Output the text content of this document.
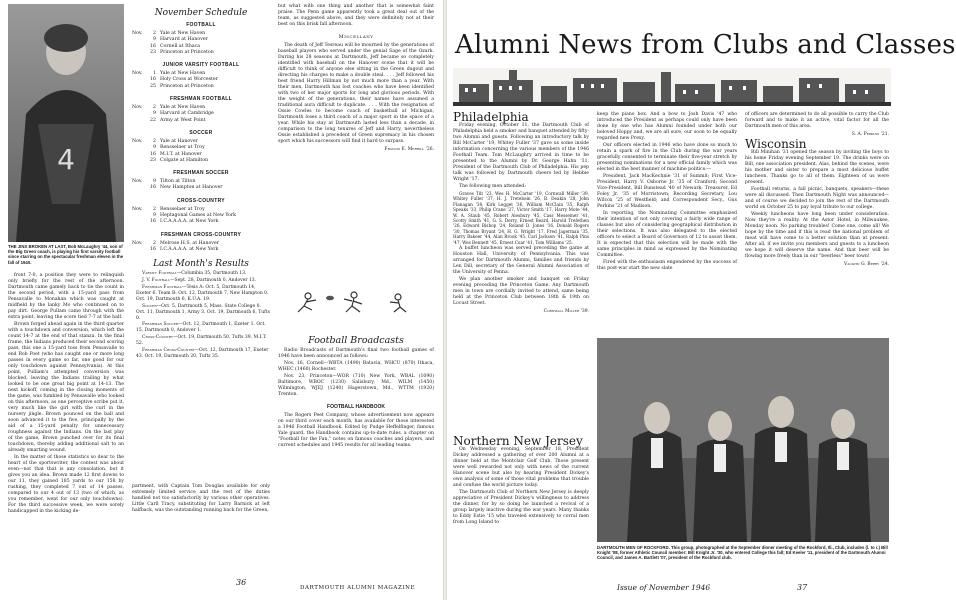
4
THE JINX BROKEN AT LAST, Bob McLaughry '44, son of the Big Green coach, is playing his first varsity football since starring on the spectacular freshman eleven in the fall of 1940.

front 7-0, a position they were to relinquish only briefly for the rest of the afternoon. Dartmouth came gamely back to tie the count in the second period, with a 15-yard pass from Pensavalle to Monahan which was caught at midfield by the lanky Mo who continued on to pay dirt. George Pullam came through with the extra point, leaving the score tied 7-7 at the half.

Brown forged ahead again in the third quarter with a touchdown and conversion, which left the count 14-7 at the end of that stanza. In the final frame, the Indians produced their second scoring pass, this one a 15-yard toss from Pensavalle to end Bob Poet (who has caught one or more long passes in every game so far, one good for our only touchdown against Pennsylvania). At this point, Pulliam's attempted conversion was blocked, leaving the Indians trailing by what looked to be one great big point at 14-13. The next kickoff, coming in the closing moments of the game, was fumbled by Pensavalle who looked on this afternoon, as one perceptive scribe put it, very much like the girl with the curl in the nursery jingle. Brown pounced on the ball and soon advanced it to the five, principally by the aid of a 15-yard penalty for unnecessary roughness against the Indians. On the last play of the game, Brown punched over for its final touchdown, thereby adding additional salt to an already smarting wound.

In the matter of those statistics so dear to the heart of the sportswriter, the contest was about even—not that that is any consolation, but it gives you an idea. Brown made 12 first downs to our 11, they gained 185 yards to our 158 by rushing, they completed 7 out of 14 passes, compared to our 4 out of 13 (two of which, as you remember, went for our only touchdowns). For the third successive week, we were sorely handicapped in the kicking de-

November Schedule
FOOTBALL
Nov.	2 Yale at New Haven
9 Harvard at Hanover
16 Cornell at Ithaca
23 Princeton at Princeton
JUNIOR VARSITY FOOTBALL
Nov.	1 Yale at New Haven
16 Holy Cross at Worcester
25 Princeton at Princeton
FRESHMAN FOOTBALL
Nov.	2 Yale at New Haven
9 Harvard at Cambridge
22 Army at West Point
SOCCER
Nov.	2 Yale at Hanover
9 Rensselaer at Troy
16 M.I.T. at Hanover
23 Colgate at Hamilton
FRESHMAN SOCCER
Nov.	9 Tilton at Tilton
16 New Hampton at Hanover
CROSS-COUNTRY
Nov.	2 Rensselaer at Troy
9 Heptagonal Games at New York
16 I.C.A.A.A.A. at New York
FRESHMAN CROSS-COUNTRY
Nov.	2 Melrose H.S. at Hanover
16 I.C.A.A.A.A. at New York
Last Month's Results

Varsity Football—Columbia 35, Dartmouth 13.

J. V. Football—Sept. 28, Dartmouth 0, Andover 13.

Freshman Football—Tesis A: Oct. 5, Dartmouth 14, Exeter 6. Team B: Oct. 12, Dartmouth 7, New Hampton 0. Oct. 19, Dartmouth 6, K.U.A. 19.

Soccer—Oct. 5, Dartmouth 5, Mass. State College 0. Oct. 11, Dartmouth 1, Army 3. Oct. 19, Dartmouth 6, Tufts 0.

Freshman Soccer—Oct. 12, Dartmouth 1, Exeter 1. Oct. 15, Dartmouth 0, Andover 1.

Cross-Country—Oct. 19, Dartmouth 50, Tufts 39, M.I.T. 52.

Freshman Cross-Country—Oct. 12, Dartmouth 17, Exeter 43. Oct. 19, Dartmouth 20, Tufts 35.

partment, with Captain Tom Douglas available for only extremely limited service and the rest of the duties handled not too satisfactorily by various other operatives. Little Carll Tracy, substituting for Larry Barnick at left halfback, was the outstanding running back for the Green,

but what with one thing and another that is somewhat faint praise. The Penn game apparently took a great deal out of the team, as suggested above, and they were definitely not at their best on this brisk fall afternoon.

Miscellany

The death of Jeff Tesreau will be mourned by the generations of baseball players who served under the genial Sage of the Ozark. During his 28 seasons at Dartmouth, Jeff became so completely identified with baseball on the Hanover scene that it will be difficult to think of anyone else sitting in the Green dugout and directing his charges to make a double steal. . . . Jeff followed his best friend Harry Hillman by not much more than a year. With their men, Dartmouth has lost coaches who have been identified with two of her major sports for long and glorious periods. With the weight of the generations, their names have assumed a traditional aura difficult to duplicate. . . . With the resignation of Ossie Cowles to become coach of basketball at Michigan, Dartmouth loses a third coach of a major sport in the space of a year. While his stay at Dartmouth lasted less than a decade, in comparison to the long tenures of Jeff and Harry, nevertheless Ossie established a precedent of Green supremacy in his chosen sport which his successors will find it hard to surpass.

Francis E. Merrill '26.
Football Broadcasts

Radio Broadcasts of Dartmouth's final two football games of 1946 have been announced as follows:

Nov. 16, Cornell—WBTA (1490) Batavia, WHCU (870) Ithaca, WHEC (1460) Rochester.

Nov. 23, Princeton—WOR (710) New York, WBAL (1090) Baltimore, WBOC (1230) Salisbury, Md., WILM (1450) Wilmington, WJEJ (1240) Hagerstown, Md., WTTM (1920) Trenton.

FOOTBALL HANDBOOK

The Rogers Peet Company, whose advertisement now appears on our third cover each month, has available for those interested a 1946 Football Handbook. Edited by Pudge Heffelfinger, famous Yale guard, the Handbook contains up-to-date rules, a chapter on "Football for the Fan," notes on famous coaches and players, and current schedules and 1945 results for all leading teams.

36
DARTMOUTH ALUMNI MAGAZINE
Alumni News from Clubs and Classes
Philadelphia

Friday evening, October 11, the Dartmouth Club of Philadelphia held a smoker and banquet attended by fifty-two Alumni and guests. Following an introductory talk by Bill McCarter '19, Whitey Fuller '37 gave us some inside information concerning the various members of the 1946 Football Team. Tom McLaughry arrived in time to be presented to the Alumni by Dr. George Hahn '31, President of the Dartmouth Club of Philadelphia. His pep talk was followed by Dartmouth cheers led by Hebbie Wright '17.

The following men attended:

Graves Tilt '23, Wes H. McCarter '19, Cornwall Miller '39, Whitey Fuller '37, H. J. Tretebein '26, B. Deakin '28, John Flanagan '38, Kirk Legget '36, William McClain '35, Ralph Speaks '33, Philip Crane '27, Victor Smith '17, Harry Mote '44, W. A. Staub '45, Robert Alesbury '45, Cass Messemer '41, Scotty Smith '41, G. S. Derry, Ernest Beard, Harold Trefethen '26, Edward Bishop '24, Roland D. Jones '16, Donald Rogers '30, Thomas Bryant '24, H. G. Wright '17, Fred Jagerman '35, Harry Bakeer '44, Alan Brook '45, Carl Jackson '41, Ralph Pins '47, Wes Bennett '45, Ernest Coar '41, Tom Williams '25.

A buffet luncheon was served preceding the game at Houston Hall, University of Pennsylvania. This was arranged for Dartmouth Alumni, families and friends by Len Dill, secretary of the General Alumni Association of the University of Penna.

We plan another smoker and banquet on Friday evening preceding the Princeton Game. Any Dartmouth men in town are cordially invited to attend, same being held at the Princeton Club between 18th & 19th on Locust Street.

Cornwall Miller '39.
Northern New Jersey

On Wednesday evening, September 18, President Dickey addressed a gathering of over 200 Alumni at a dinner held at the Montclair Golf Club. Those present were well rewarded not only with news of the current Hanover scene but also by hearing President Dickey's own analysis of some of those vital problems that trouble and confuse the world picture today.

The Dartmouth Club of Northern New Jersey is deeply appreciative of President Dickey's willingness to address the dinner, for by so doing he launched a revival of a group largely inactive during the war years. Many thanks to Eddy Estie '15 who traveled extensively to corral men from Long Island to

keep the piano box. And a bow to Josh Davis '47 who introduced the President as perhaps could only have been done by one who has Alumni founded under both our beloved Hoppy and, we are all sure, our soon to be equally regarded new Prexy.

Our officers elected in 1946 who have done so much to retain a spark of fire in the Club during the war years gracefully consented to terminate their five-year stretch by presenting nominations for a new official family which was elected in the best manner of machine politics:—

President, Jack MacKechnie '31 of Summit; First Vice-President, Harry V. Osborne Jr. '35 of Cranford; Second Vice-President, Bill Bunstead '40 of Newark; Treasurer, Ed Foley Jr. '35 of Morristown; Recording Secretary, Lou Wilcox '25 of Westfield; and Correspondent Secy., Gus Perkins '21 of Madison.

In reporting, the Nominating Committee emphasized their intention of not only covering a fairly wide range of classes but also of considering geographical distribution in their selections. It was also delegated to the elected officers to select a Board of Governors of 12 to assist them. It is expected that this selection will be made with the same principles in mind as expressed by the Nominating Committee.

Fired with the enthusiasm engendered by the success of this post-war start the new slate

of officers are determined to do all possible to carry the Club forward and to make it an active, vital factor for all the Dartmouth men of this area.

S. A. Perkins '21.
Wisconsin

Bill Minihan '31 opened the season by inviting the boys to his home Friday evening September 19. The drinks were on Bill, one association president. Alas, behind the scenes, were his mother and sister to prepare a most delicious buffet luncheon. Thanks go to all of them. Eighteen of us were present.

Football returns, a fall picnic, banquets, speakers—these were all discussed. Then Dartmouth Night was announced—and of course we decided to join the rest of the Dartmouth world on October 25 to pay loyal tribute to our college.

Weekly luncheons have long been under consideration. Now they're a reality. At the Astor Hotel, in Milwaukee, Monday noon. No parking troubles! Come one, come all! We hope by the time and if this is read the national problem of meat will have come to a better solution than at present. After all, if we invite you members and guests to a luncheon we hope it will deserve the name. And that beer will be flowing more freely than in our "beerless" beer town!

Vaughn G. Berry '24.
DARTMOUTH MEN OF ROCKFORD. This group, photographed at the September dinner meeting of the Rockford, Ill., Club, includes (l. to r.) Bill Knight '08, former Athletic Council member; Bill Knight Jr. '30, who entered College this fall; Ed Keeler '11, president of the Dartmouth Alumni Council, and James A. Bartlett '07, president of the Rockford club.
Issue of November 1946	37
